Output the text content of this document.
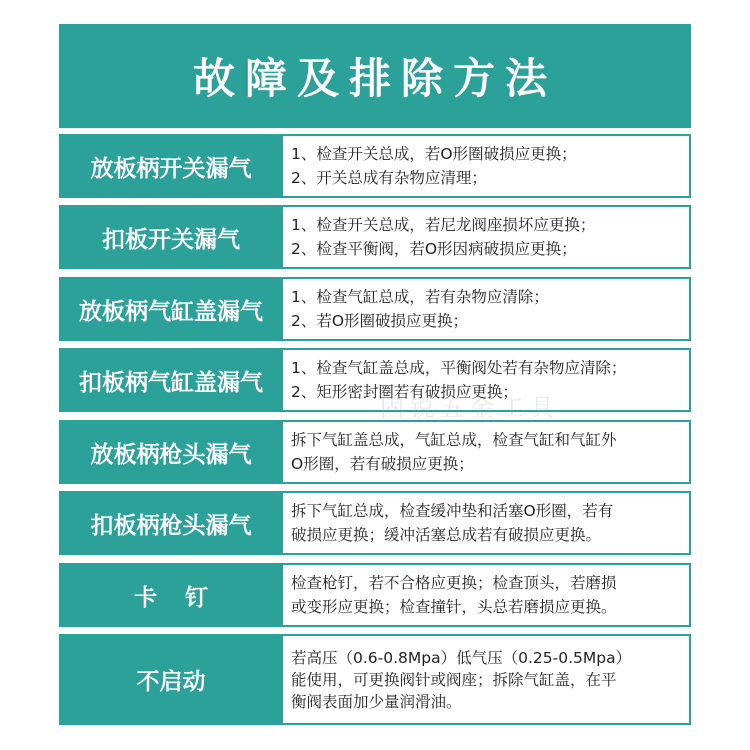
故障及排除方法
放板柄开关漏气
1、检查开关总成，若O形圈破损应更换；
2、开关总成有杂物应清理；
扣板开关漏气
1、检查开关总成，若尼龙阀座损坏应更换；
2、检查平衡阀，若O形因病破损应更换；
放板柄气缸盖漏气
1、检查气缸总成，若有杂物应清除；
2、若O形圈破损应更换；
扣板柄气缸盖漏气
1、检查气缸盖总成，平衡阀处若有杂物应清除；
2、矩形密封圈若有破损应更换；
放板柄枪头漏气
拆下气缸盖总成，气缸总成，检查气缸和气缸外
O形圈，若有破损应更换；
扣板柄枪头漏气
拆下气缸总成，检查缓冲垫和活塞O形圈，若有
破损应更换；缓冲活塞总成若有破损应更换。
卡钉
检查枪钉，若不合格应更换；检查顶头，若磨损
或变形应更换；检查撞针，头总若磨损应更换。
不启动
若高压（0.6-0.8Mpa）低气压（0.25-0.5Mpa）
能使用，可更换阀针或阀座；拆除气缸盖，在平
衡阀表面加少量润滑油。
